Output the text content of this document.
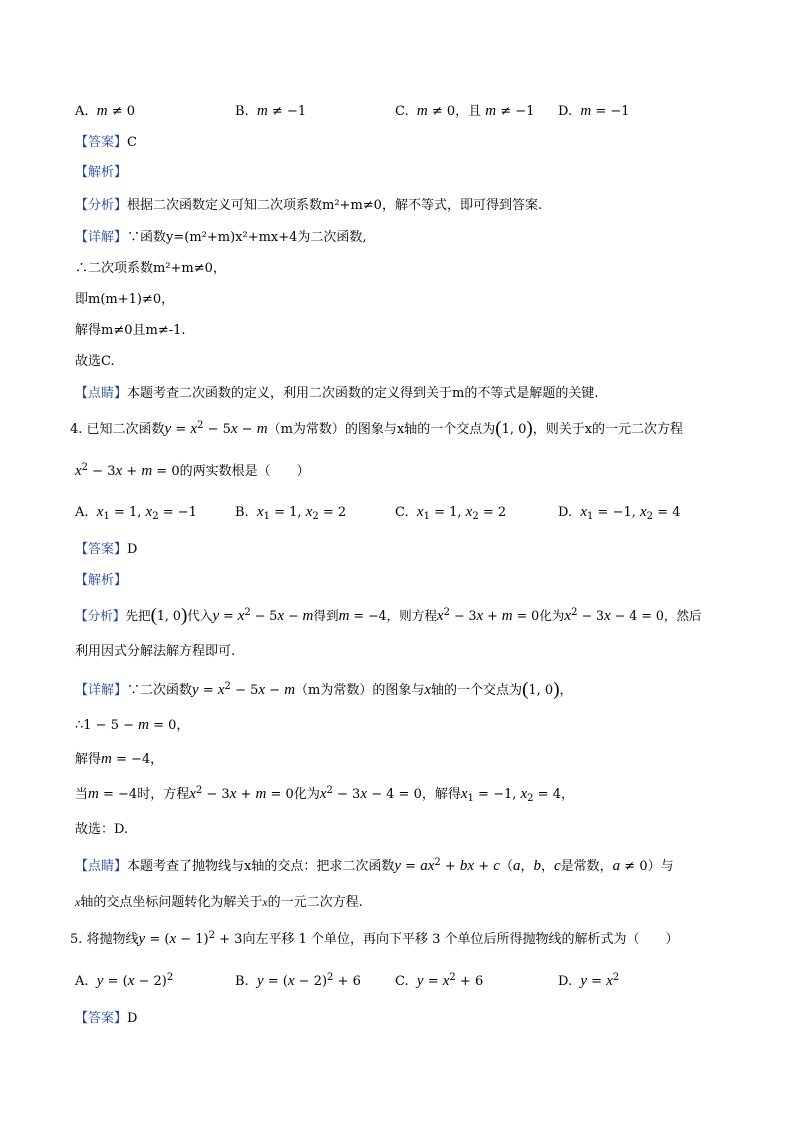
A. m ≠ 0	B. m ≠ −1	C. m ≠ 0，且 m ≠ −1 D. m = −1
【答案】C
【解析】
【分析】根据二次函数定义可知二次项系数m²+m≠0，解不等式，即可得到答案.
【详解】∵函数y=(m²+m)x²+mx+4为二次函数,
∴二次项系数m²+m≠0，
即m(m+1)≠0，
解得m≠0且m≠-1.
故选C.
【点睛】本题考查二次函数的定义，利用二次函数的定义得到关于m的不等式是解题的关键.
4. 已知二次函数$y = x^2 - 5x - m(m$为常数）的图象与x轴的一个交点为(1, 0)，则关于x的一元二次方程
$x^2 - 3x + m = 0$的两实数根是（　　）
A.  $x_1 = 1$, $x_2 = -1$	B.  $x_1 = 1$, $x_2 = 2$	C.  $x_1 = 1$, $x_2 = 2$	D.  $x_1 = -1$, $x_2 = 4$
【答案】D
【解析】
【分析】先把(1, 0)代入$y = x^2 - 5x - m$得到m = −4，则方程$x^2 - 3x + m = 0$化为$x^2 - 3x - 4 = 0$，然后
利用因式分解法解方程即可.
【详解】∵二次函数$y = x^2 - 5x - m(m$为常数）的图象与x轴的一个交点为(1, 0)，
∴1 − 5 − m = 0，
解得m = −4，
当m = −4时，方程$x^2 - 3x + m = 0$化为$x^2 - 3x - 4 = 0$，解得$x_1 = -1$, $x_2 = 4$，
故选：D.
【点睛】本题考查了抛物线与x轴的交点：把求二次函数$y = ax^2$ + bx + c（a，b，c是常数，a ≠ 0）与
x轴的交点坐标问题转化为解关于x的一元二次方程.
5. 将抛物线$y = (x - 1)^2 + 3$向左平移 1 个单位，再向下平移 3 个单位后所得抛物线的解析式为（　　）
A. $y = (x - 2)^2$	B. $y = (x - 2)^2 + 6$	C. $y = x^2 + 6$	D. $y = x^2$
【答案】D
